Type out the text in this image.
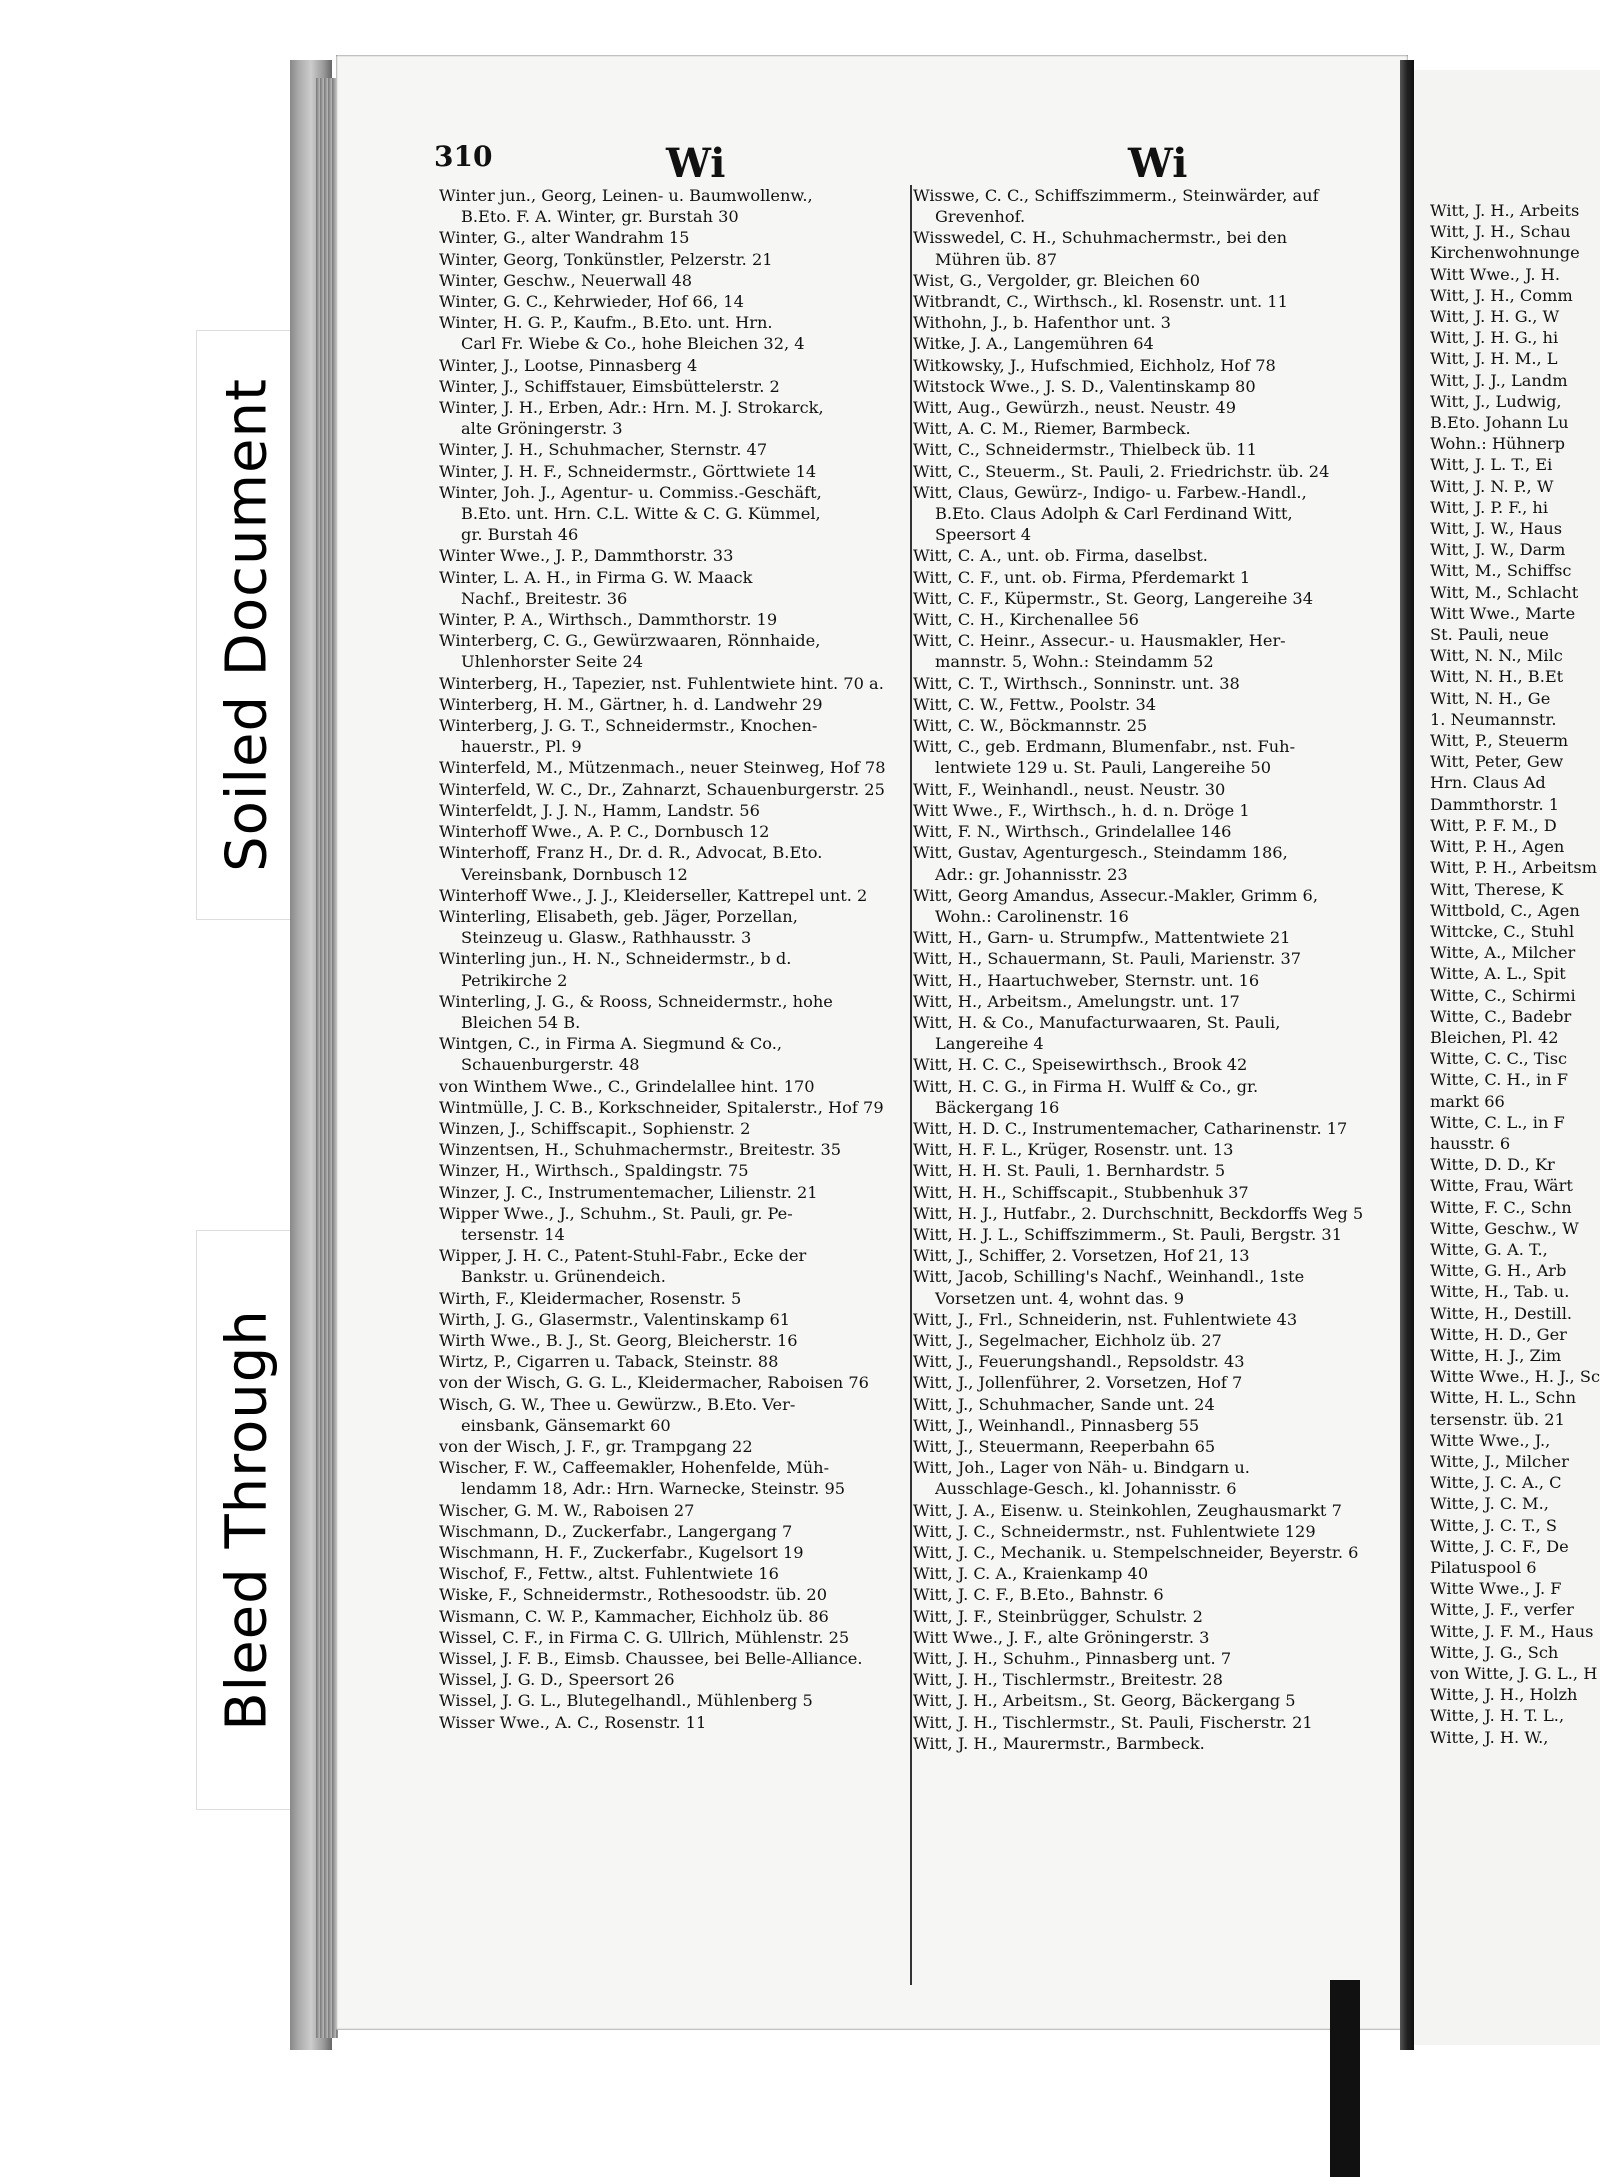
Soiled Document
Bleed Through
310	Wi	Wi
Winter jun., Georg, Leinen- u. Baumwollenw.,
B.Eto. F. A. Winter, gr. Burstah 30
Winter, G., alter Wandrahm 15
Winter, Georg, Tonkünstler, Pelzerstr. 21
Winter, Geschw., Neuerwall 48
Winter, G. C., Kehrwieder, Hof 66, 14
Winter, H. G. P., Kaufm., B.Eto. unt. Hrn.
Carl Fr. Wiebe & Co., hohe Bleichen 32, 4
Winter, J., Lootse, Pinnasberg 4
Winter, J., Schiffstauer, Eimsbüttelerstr. 2
Winter, J. H., Erben, Adr.: Hrn. M. J. Strokarck,
alte Gröningerstr. 3
Winter, J. H., Schuhmacher, Sternstr. 47
Winter, J. H. F., Schneidermstr., Görttwiete 14
Winter, Joh. J., Agentur- u. Commiss.-Geschäft,
B.Eto. unt. Hrn. C.L. Witte & C. G. Kümmel,
gr. Burstah 46
Winter Wwe., J. P., Dammthorstr. 33
Winter, L. A. H., in Firma G. W. Maack
Nachf., Breitestr. 36
Winter, P. A., Wirthsch., Dammthorstr. 19
Winterberg, C. G., Gewürzwaaren, Rönnhaide,
Uhlenhorster Seite 24
Winterberg, H., Tapezier, nst. Fuhlentwiete hint. 70 a.
Winterberg, H. M., Gärtner, h. d. Landwehr 29
Winterberg, J. G. T., Schneidermstr., Knochen-
hauerstr., Pl. 9
Winterfeld, M., Mützenmach., neuer Steinweg, Hof 78
Winterfeld, W. C., Dr., Zahnarzt, Schauenburgerstr. 25
Winterfeldt, J. J. N., Hamm, Landstr. 56
Winterhoff Wwe., A. P. C., Dornbusch 12
Winterhoff, Franz H., Dr. d. R., Advocat, B.Eto.
Vereinsbank, Dornbusch 12
Winterhoff Wwe., J. J., Kleiderseller, Kattrepel unt. 2
Winterling, Elisabeth, geb. Jäger, Porzellan,
Steinzeug u. Glasw., Rathhausstr. 3
Winterling jun., H. N., Schneidermstr., b d.
Petrikirche 2
Winterling, J. G., & Rooss, Schneidermstr., hohe
Bleichen 54 B.
Wintgen, C., in Firma A. Siegmund & Co.,
Schauenburgerstr. 48
von Winthem Wwe., C., Grindelallee hint. 170
Wintmülle, J. C. B., Korkschneider, Spitalerstr., Hof 79
Winzen, J., Schiffscapit., Sophienstr. 2
Winzentsen, H., Schuhmachermstr., Breitestr. 35
Winzer, H., Wirthsch., Spaldingstr. 75
Winzer, J. C., Instrumentemacher, Lilienstr. 21
Wipper Wwe., J., Schuhm., St. Pauli, gr. Pe-
tersenstr. 14
Wipper, J. H. C., Patent-Stuhl-Fabr., Ecke der
Bankstr. u. Grünendeich.
Wirth, F., Kleidermacher, Rosenstr. 5
Wirth, J. G., Glasermstr., Valentinskamp 61
Wirth Wwe., B. J., St. Georg, Bleicherstr. 16
Wirtz, P., Cigarren u. Taback, Steinstr. 88
von der Wisch, G. G. L., Kleidermacher, Raboisen 76
Wisch, G. W., Thee u. Gewürzw., B.Eto. Ver-
einsbank, Gänsemarkt 60
von der Wisch, J. F., gr. Trampgang 22
Wischer, F. W., Caffeemakler, Hohenfelde, Müh-
lendamm 18, Adr.: Hrn. Warnecke, Steinstr. 95
Wischer, G. M. W., Raboisen 27
Wischmann, D., Zuckerfabr., Langergang 7
Wischmann, H. F., Zuckerfabr., Kugelsort 19
Wischof, F., Fettw., altst. Fuhlentwiete 16
Wiske, F., Schneidermstr., Rothesoodstr. üb. 20
Wismann, C. W. P., Kammacher, Eichholz üb. 86
Wissel, C. F., in Firma C. G. Ullrich, Mühlenstr. 25
Wissel, J. F. B., Eimsb. Chaussee, bei Belle-Alliance.
Wissel, J. G. D., Speersort 26
Wissel, J. G. L., Blutegelhandl., Mühlenberg 5
Wisser Wwe., A. C., Rosenstr. 11
Wisswe, C. C., Schiffszimmerm., Steinwärder, auf
Grevenhof.
Wisswedel, C. H., Schuhmachermstr., bei den
Mühren üb. 87
Wist, G., Vergolder, gr. Bleichen 60
Witbrandt, C., Wirthsch., kl. Rosenstr. unt. 11
Withohn, J., b. Hafenthor unt. 3
Witke, J. A., Langemühren 64
Witkowsky, J., Hufschmied, Eichholz, Hof 78
Witstock Wwe., J. S. D., Valentinskamp 80
Witt, Aug., Gewürzh., neust. Neustr. 49
Witt, A. C. M., Riemer, Barmbeck.
Witt, C., Schneidermstr., Thielbeck üb. 11
Witt, C., Steuerm., St. Pauli, 2. Friedrichstr. üb. 24
Witt, Claus, Gewürz-, Indigo- u. Farbew.-Handl.,
B.Eto. Claus Adolph & Carl Ferdinand Witt,
Speersort 4
Witt, C. A., unt. ob. Firma, daselbst.
Witt, C. F., unt. ob. Firma, Pferdemarkt 1
Witt, C. F., Küpermstr., St. Georg, Langereihe 34
Witt, C. H., Kirchenallee 56
Witt, C. Heinr., Assecur.- u. Hausmakler, Her-
mannstr. 5, Wohn.: Steindamm 52
Witt, C. T., Wirthsch., Sonninstr. unt. 38
Witt, C. W., Fettw., Poolstr. 34
Witt, C. W., Böckmannstr. 25
Witt, C., geb. Erdmann, Blumenfabr., nst. Fuh-
lentwiete 129 u. St. Pauli, Langereihe 50
Witt, F., Weinhandl., neust. Neustr. 30
Witt Wwe., F., Wirthsch., h. d. n. Dröge 1
Witt, F. N., Wirthsch., Grindelallee 146
Witt, Gustav, Agenturgesch., Steindamm 186,
Adr.: gr. Johannisstr. 23
Witt, Georg Amandus, Assecur.-Makler, Grimm 6,
Wohn.: Carolinenstr. 16
Witt, H., Garn- u. Strumpfw., Mattentwiete 21
Witt, H., Schauermann, St. Pauli, Marienstr. 37
Witt, H., Haartuchweber, Sternstr. unt. 16
Witt, H., Arbeitsm., Amelungstr. unt. 17
Witt, H. & Co., Manufacturwaaren, St. Pauli,
Langereihe 4
Witt, H. C. C., Speisewirthsch., Brook 42
Witt, H. C. G., in Firma H. Wulff & Co., gr.
Bäckergang 16
Witt, H. D. C., Instrumentemacher, Catharinenstr. 17
Witt, H. F. L., Krüger, Rosenstr. unt. 13
Witt, H. H. St. Pauli, 1. Bernhardstr. 5
Witt, H. H., Schiffscapit., Stubbenhuk 37
Witt, H. J., Hutfabr., 2. Durchschnitt, Beckdorffs Weg 5
Witt, H. J. L., Schiffszimmerm., St. Pauli, Bergstr. 31
Witt, J., Schiffer, 2. Vorsetzen, Hof 21, 13
Witt, Jacob, Schilling's Nachf., Weinhandl., 1ste
Vorsetzen unt. 4, wohnt das. 9
Witt, J., Frl., Schneiderin, nst. Fuhlentwiete 43
Witt, J., Segelmacher, Eichholz üb. 27
Witt, J., Feuerungshandl., Repsoldstr. 43
Witt, J., Jollenführer, 2. Vorsetzen, Hof 7
Witt, J., Schuhmacher, Sande unt. 24
Witt, J., Weinhandl., Pinnasberg 55
Witt, J., Steuermann, Reeperbahn 65
Witt, Joh., Lager von Näh- u. Bindgarn u.
Ausschlage-Gesch., kl. Johannisstr. 6
Witt, J. A., Eisenw. u. Steinkohlen, Zeughausmarkt 7
Witt, J. C., Schneidermstr., nst. Fuhlentwiete 129
Witt, J. C., Mechanik. u. Stempelschneider, Beyerstr. 6
Witt, J. C. A., Kraienkamp 40
Witt, J. C. F., B.Eto., Bahnstr. 6
Witt, J. F., Steinbrügger, Schulstr. 2
Witt Wwe., J. F., alte Gröningerstr. 3
Witt, J. H., Schuhm., Pinnasberg unt. 7
Witt, J. H., Tischlermstr., Breitestr. 28
Witt, J. H., Arbeitsm., St. Georg, Bäckergang 5
Witt, J. H., Tischlermstr., St. Pauli, Fischerstr. 21
Witt, J. H., Maurermstr., Barmbeck.
Witt, J. H., Arbeits
Witt, J. H., Schau
Kirchenwohnunge
Witt Wwe., J. H.
Witt, J. H., Comm
Witt, J. H. G., W
Witt, J. H. G., hi
Witt, J. H. M., L
Witt, J. J., Landm
Witt, J., Ludwig,
B.Eto. Johann Lu
Wohn.: Hühnerp
Witt, J. L. T., Ei
Witt, J. N. P., W
Witt, J. P. F., hi
Witt, J. W., Haus
Witt, J. W., Darm
Witt, M., Schiffsc
Witt, M., Schlacht
Witt Wwe., Marte
St. Pauli, neue
Witt, N. N., Milc
Witt, N. H., B.Et
Witt, N. H., Ge
1. Neumannstr.
Witt, P., Steuerm
Witt, Peter, Gew
Hrn. Claus Ad
Dammthorstr. 1
Witt, P. F. M., D
Witt, P. H., Agen
Witt, P. H., Arbeitsm
Witt, Therese, K
Wittbold, C., Agen
Wittcke, C., Stuhl
Witte, A., Milcher
Witte, A. L., Spit
Witte, C., Schirmi
Witte, C., Badebr
Bleichen, Pl. 42
Witte, C. C., Tisc
Witte, C. H., in F
markt 66
Witte, C. L., in F
hausstr. 6
Witte, D. D., Kr
Witte, Frau, Wärt
Witte, F. C., Schn
Witte, Geschw., W
Witte, G. A. T.,
Witte, G. H., Arb
Witte, H., Tab. u.
Witte, H., Destill.
Witte, H. D., Ger
Witte, H. J., Zim
Witte Wwe., H. J., Sc
Witte, H. L., Schn
tersenstr. üb. 21
Witte Wwe., J.,
Witte, J., Milcher
Witte, J. C. A., C
Witte, J. C. M.,
Witte, J. C. T., S
Witte, J. C. F., De
Pilatuspool 6
Witte Wwe., J. F
Witte, J. F., verfer
Witte, J. F. M., Haus
Witte, J. G., Sch
von Witte, J. G. L., H
Witte, J. H., Holzh
Witte, J. H. T. L.,
Witte, J. H. W.,
